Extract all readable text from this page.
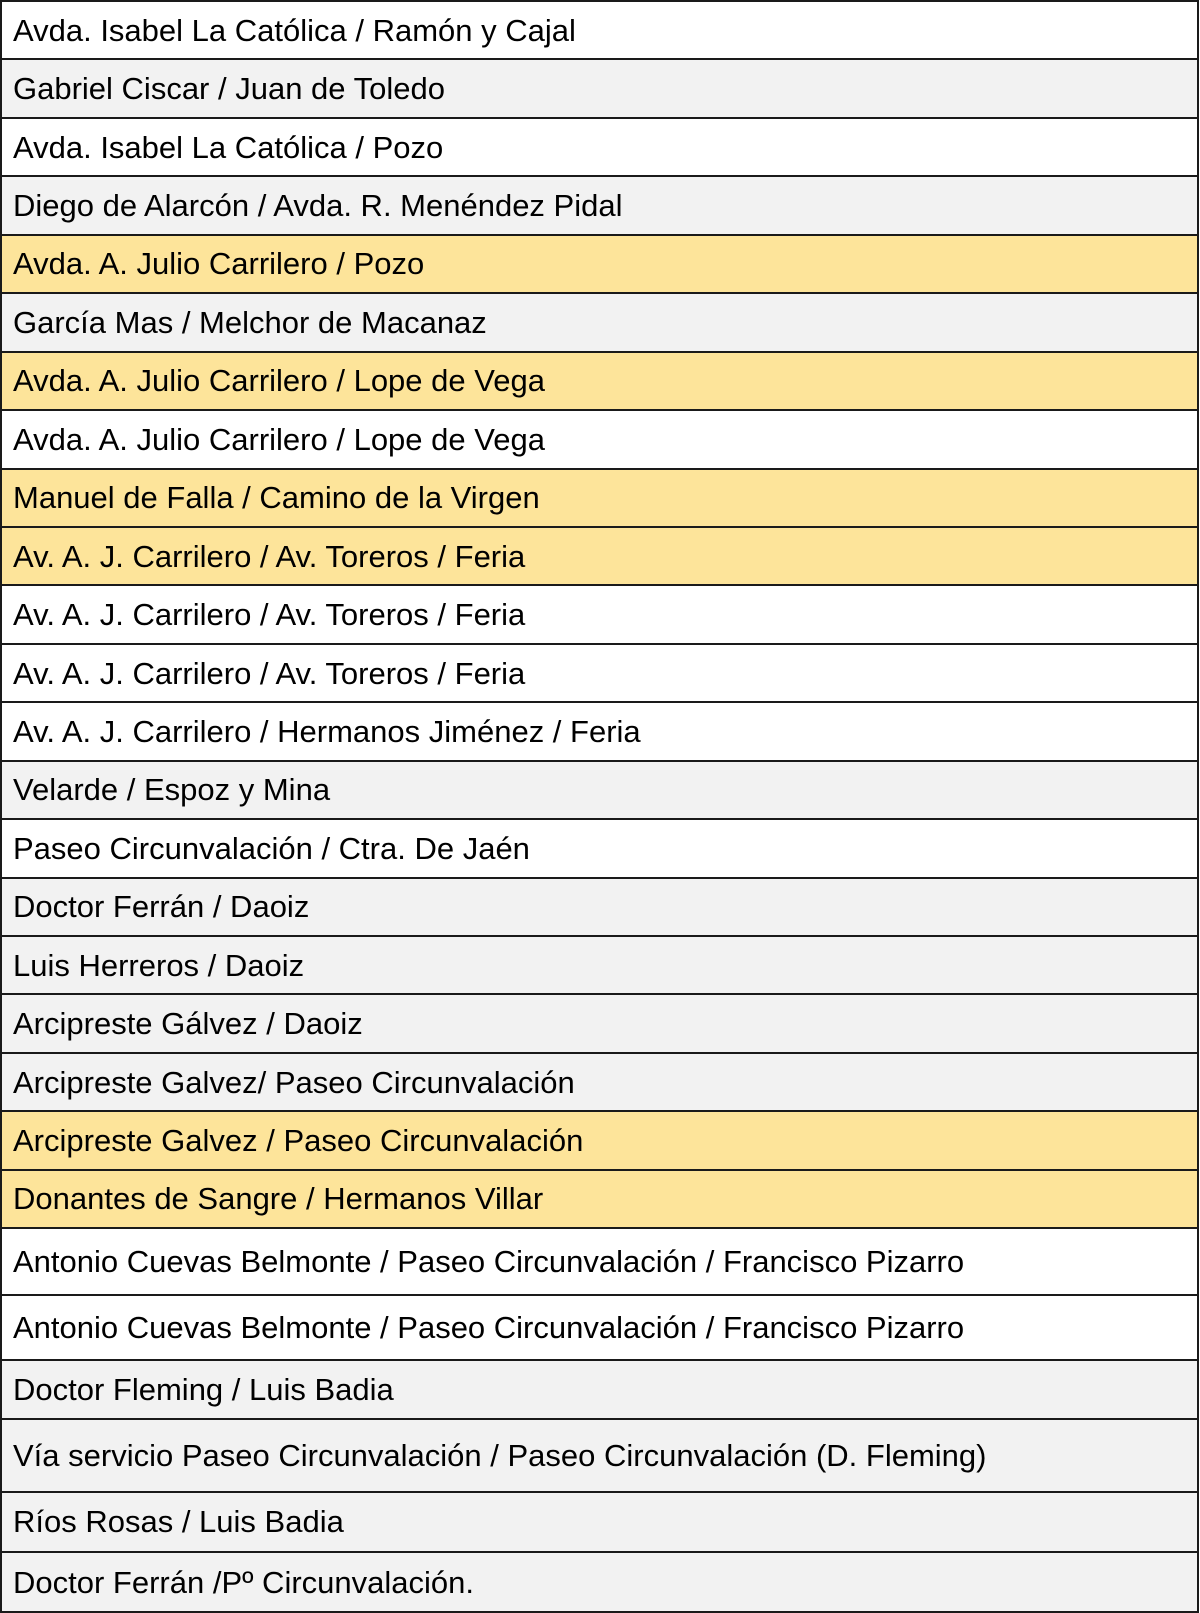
Avda. Isabel La Católica / Ramón y Cajal
Gabriel Ciscar / Juan de Toledo
Avda. Isabel La Católica / Pozo
Diego de Alarcón / Avda. R. Menéndez Pidal
Avda. A. Julio Carrilero / Pozo
García Mas / Melchor de Macanaz
Avda. A. Julio Carrilero / Lope de Vega
Avda. A. Julio Carrilero / Lope de Vega
Manuel de Falla / Camino de la Virgen
Av. A. J. Carrilero / Av. Toreros / Feria
Av. A. J. Carrilero / Av. Toreros / Feria
Av. A. J. Carrilero / Av. Toreros / Feria
Av. A. J. Carrilero / Hermanos Jiménez / Feria
Velarde / Espoz y Mina
Paseo Circunvalación / Ctra. De Jaén
Doctor Ferrán / Daoiz
Luis Herreros / Daoiz
Arcipreste Gálvez / Daoiz
Arcipreste Galvez/ Paseo Circunvalación
Arcipreste Galvez / Paseo Circunvalación
Donantes de Sangre / Hermanos Villar
Antonio Cuevas Belmonte / Paseo Circunvalación / Francisco Pizarro
Antonio Cuevas Belmonte / Paseo Circunvalación / Francisco Pizarro
Doctor Fleming / Luis Badia
Vía servicio Paseo Circunvalación / Paseo Circunvalación (D. Fleming)
Ríos Rosas / Luis Badia
Doctor Ferrán /Pº Circunvalación.
